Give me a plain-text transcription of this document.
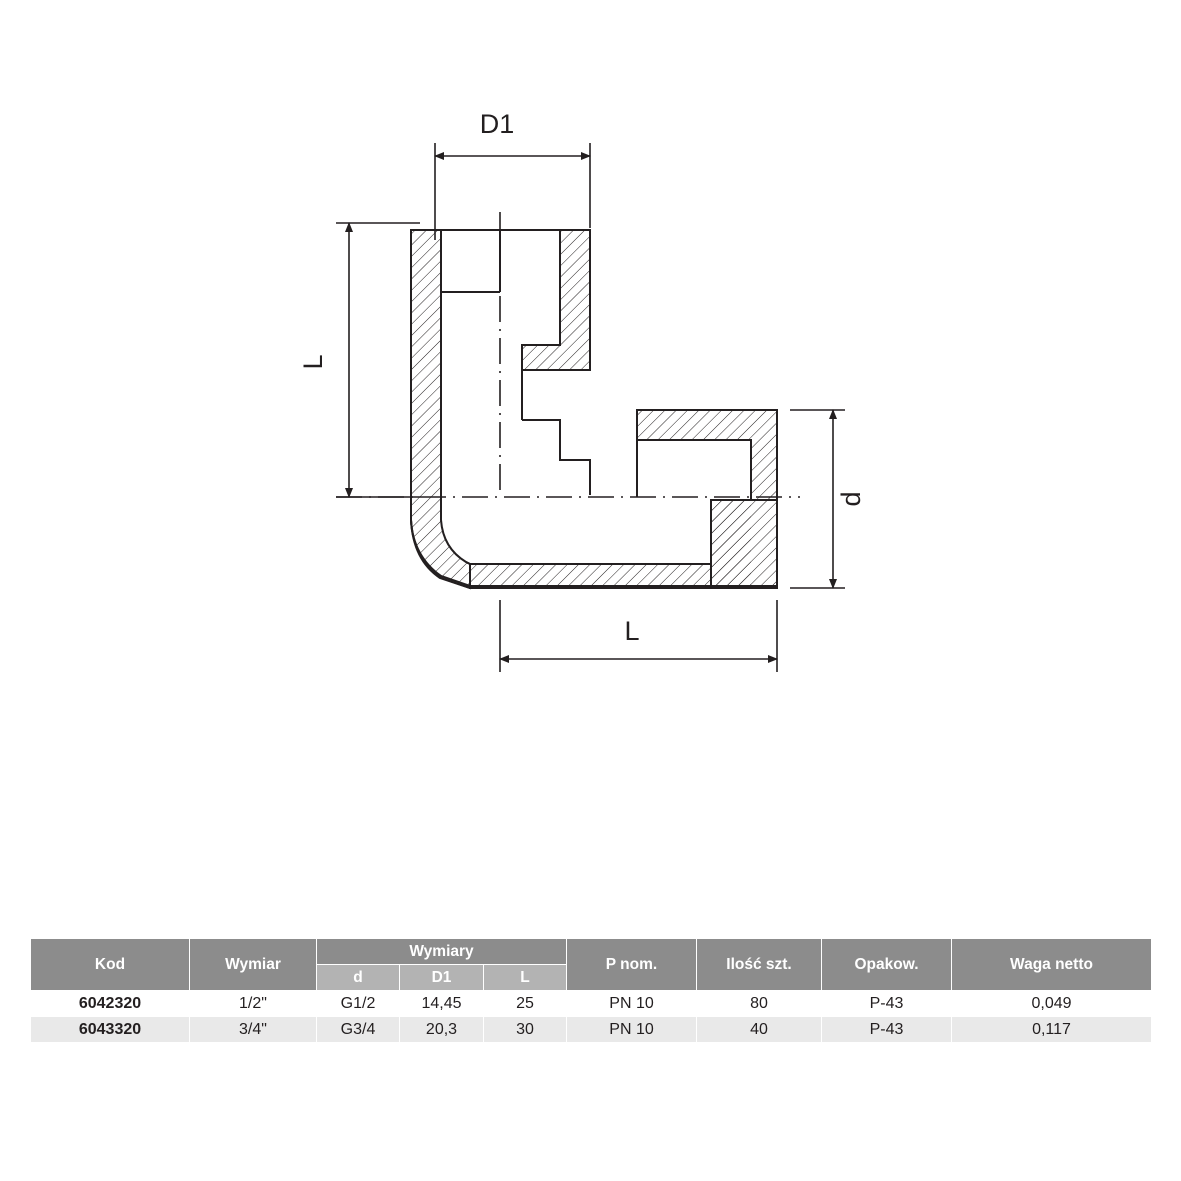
D1
L
d
L
Kod	Wymiar	Wymiary			P nom.	Ilość szt.	Opakow.	Waga netto
		d	D1	L				
6042320	1/2"	G1/2	14,45	25	PN 10	80	P-43	0,049
6043320	3/4"	G3/4	20,3	30	PN 10	40	P-43	0,117
